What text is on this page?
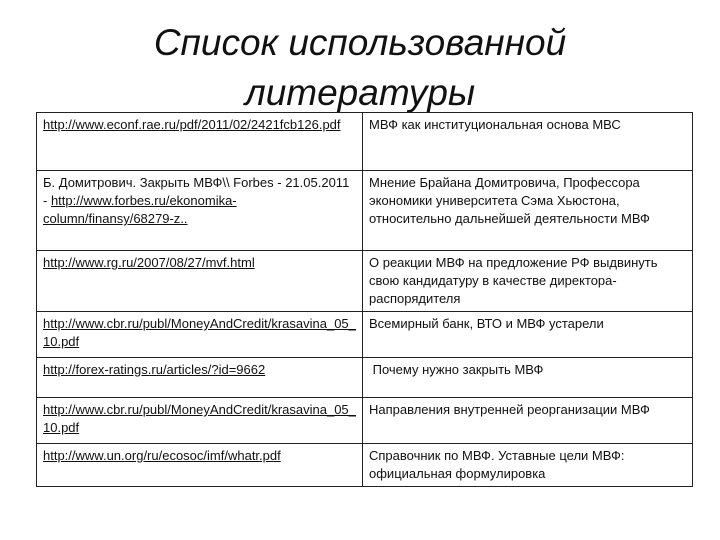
Список использованной
литературы
http://www.econf.rae.ru/pdf/2011/02/2421fcb126.pdf	МВФ как институциональная основа МВС
Б. Домитрович. Закрыть МВФ\\ Forbes - 21.05.2011 - http://www.forbes.ru/ekonomika-column/finansy/68279-z..	Мнение Брайана Домитровича, Профессора экономики университета Сэма Хьюстона, относительно дальнейшей деятельности МВФ
http://www.rg.ru/2007/08/27/mvf.html	О реакции МВФ на предложение РФ выдвинуть свою кандидатуру в качестве директора-распорядителя
http://www.cbr.ru/publ/MoneyAndCredit/krasavina_05_10.pdf	Всемирный банк, ВТО и МВФ устарели
http://forex-ratings.ru/articles/?id=9662	Почему нужно закрыть МВФ
http://www.cbr.ru/publ/MoneyAndCredit/krasavina_05_10.pdf	Направления внутренней реорганизации МВФ
http://www.un.org/ru/ecosoc/imf/whatr.pdf	Справочник по МВФ. Уставные цели МВФ: официальная формулировка
